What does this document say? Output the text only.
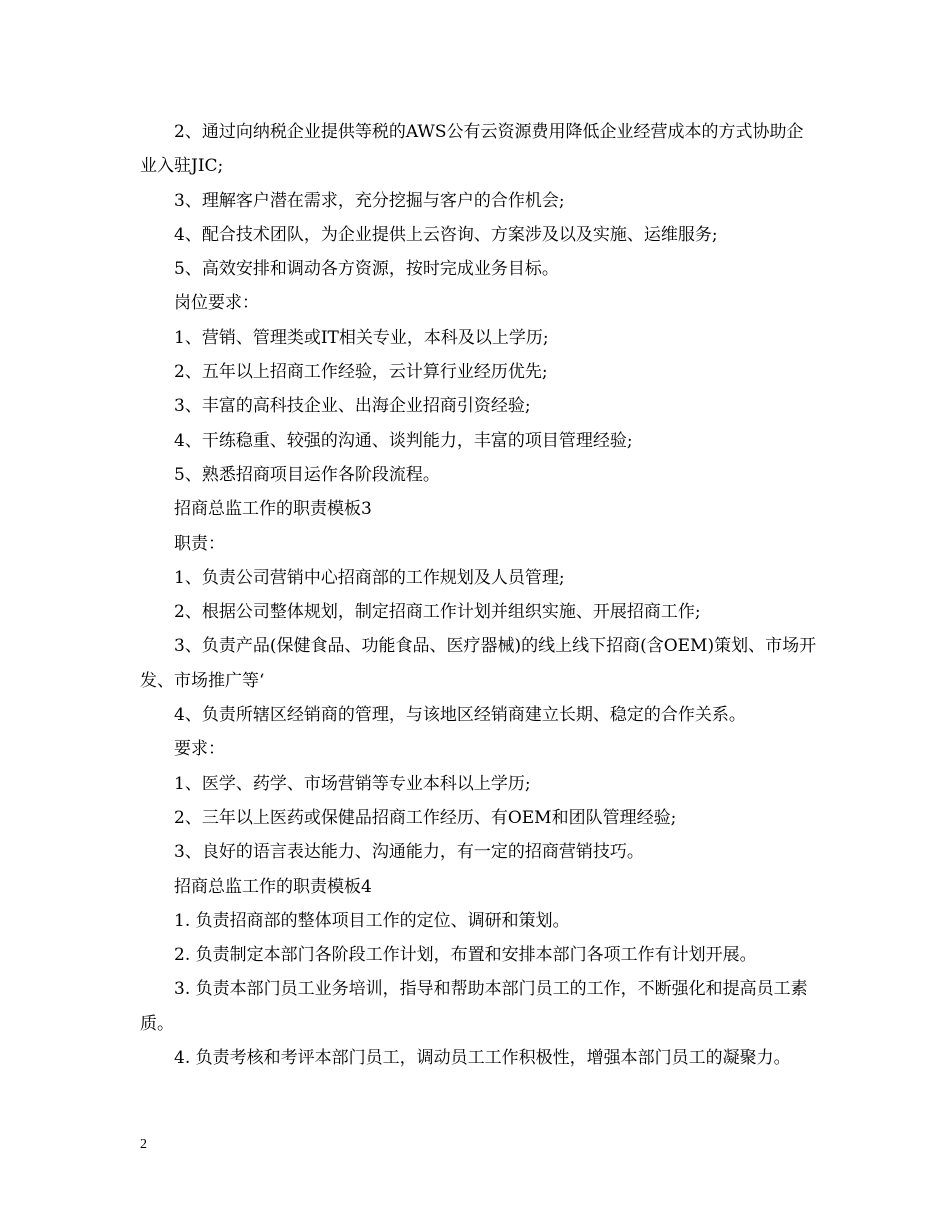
2、通过向纳税企业提供等税的AWS公有云资源费用降低企业经营成本的方式协助企业入驻JIC;

3、理解客户潜在需求，充分挖掘与客户的合作机会;

4、配合技术团队，为企业提供上云咨询、方案涉及以及实施、运维服务;

5、高效安排和调动各方资源，按时完成业务目标。

岗位要求：

1、营销、管理类或IT相关专业，本科及以上学历;

2、五年以上招商工作经验，云计算行业经历优先;

3、丰富的高科技企业、出海企业招商引资经验;

4、干练稳重、较强的沟通、谈判能力，丰富的项目管理经验;

5、熟悉招商项目运作各阶段流程。

招商总监工作的职责模板3

职责：

1、负责公司营销中心招商部的工作规划及人员管理;

2、根据公司整体规划，制定招商工作计划并组织实施、开展招商工作;

3、负责产品(保健食品、功能食品、医疗器械)的线上线下招商(含OEM)策划、市场开发、市场推广等‘

4、负责所辖区经销商的管理，与该地区经销商建立长期、稳定的合作关系。

要求：

1、医学、药学、市场营销等专业本科以上学历;

2、三年以上医药或保健品招商工作经历、有OEM和团队管理经验;

3、良好的语言表达能力、沟通能力，有一定的招商营销技巧。

招商总监工作的职责模板4

1. 负责招商部的整体项目工作的定位、调研和策划。

2. 负责制定本部门各阶段工作计划，布置和安排本部门各项工作有计划开展。

3. 负责本部门员工业务培训，指导和帮助本部门员工的工作，不断强化和提高员工素质。

4. 负责考核和考评本部门员工，调动员工工作积极性，增强本部门员工的凝聚力。

2
